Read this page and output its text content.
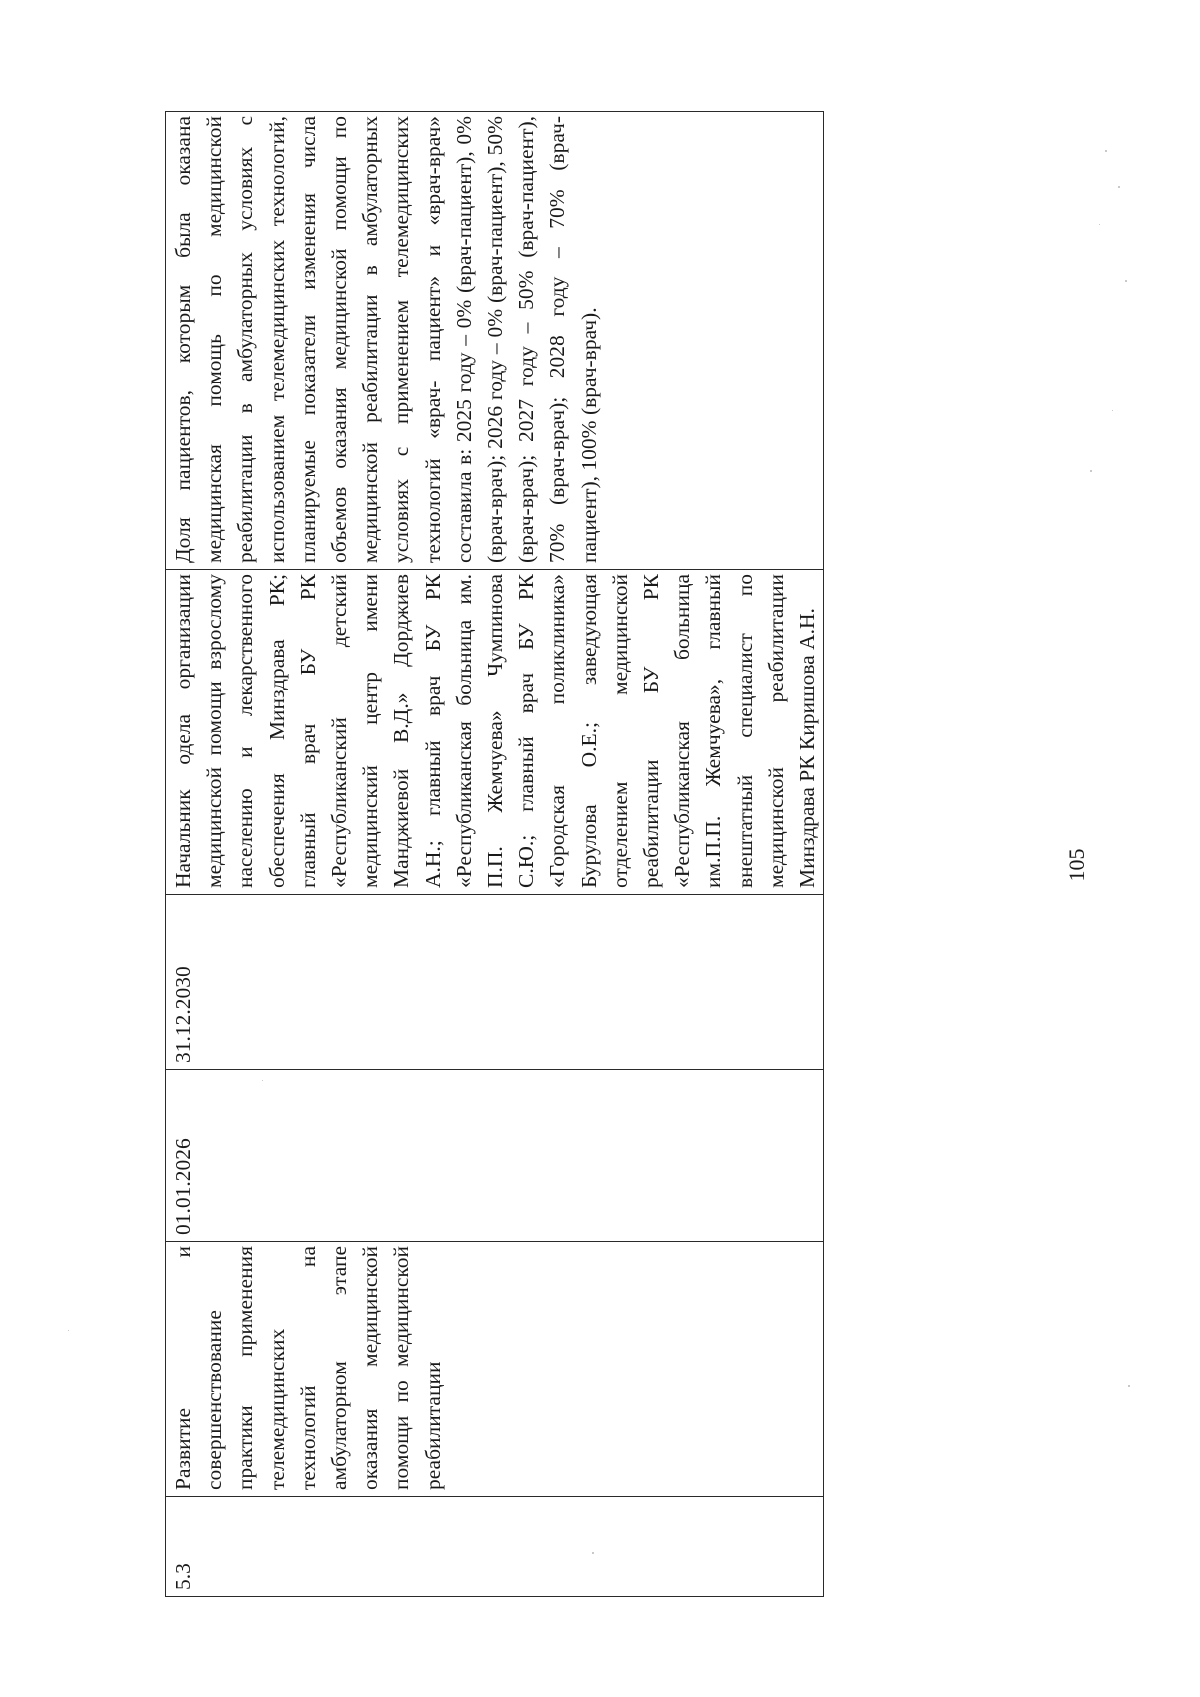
5.3	Развитие и совершенствование практики применения телемедицинских технологий на амбулаторном этапе оказания медицинской помощи по медицинской реабилитации	01.01.2026	31.12.2030	Начальник одела организации медицинской помощи взрослому населению и лекарственного обеспечения Минздрава РК; главный врач БУ РК «Республиканский детский медицинский центр имени Манджиевой В.Д.» Дорджиев А.Н.; главный врач БУ РК «Республиканская больница им. П.П. Жемчуева» Чумпинова С.Ю.; главный врач БУ РК «Городская поликлиника» Бурулова О.Е.; заведующая отделением медицинской реабилитации БУ РК «Республиканская больница им.П.П. Жемчуева», главный внештатный специалист по медицинской реабилитации Минздрава РК Киришова А.Н.	Доля пациентов, которым была оказана медицинская помощь по медицинской реабилитации в амбулаторных условиях с использованием телемедицинских технологий, планируемые показатели изменения числа объемов оказания медицинской помощи по медицинской реабилитации в амбулаторных условиях с применением телемедицинских технологий «врач- пациент» и «врач-врач» составила в: 2025 году – 0% (врач-пациент), 0% (врач-врач); 2026 году – 0% (врач-пациент), 50% (врач-врач); 2027 году – 50% (врач-пациент), 70% (врач-врач); 2028 году – 70% (врач-пациент), 100% (врач-врач).
105
